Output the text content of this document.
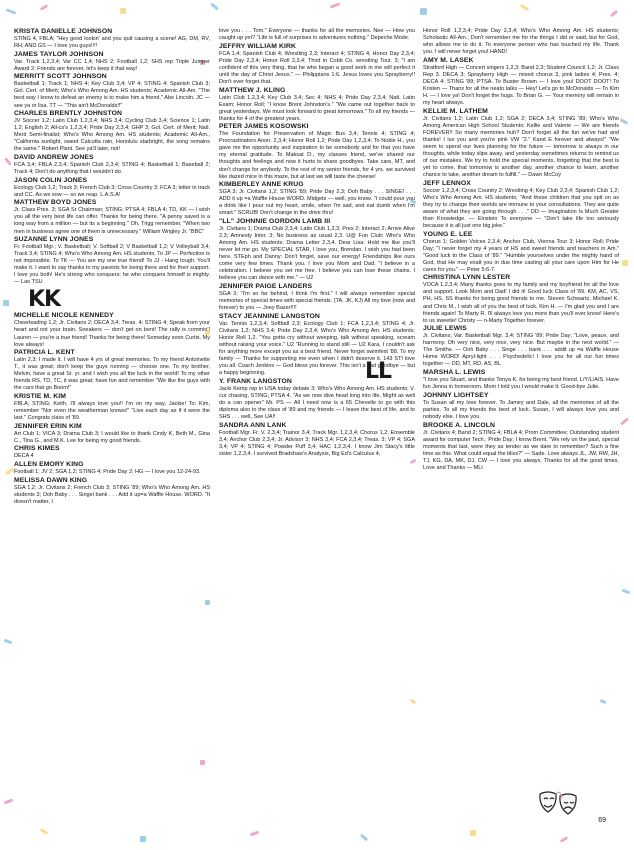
KRISTA DANIELLE JOHNSON
STING 4, FBLA; "Hey good lookin' and you quit causing a scene! AG, DM, RV, RH, AND GS — I love you guys!!!!
JAMES TAYLOR JOHNSON
Var. Track 1,2,3,4; Var CC 1,4; NHS 2; Football 1,2; SHS rep Triple Jumper Award 2; Friends are forever, let's keep it that way!
MERRITT SCOTT JOHNSON
Basketball 1; Track 1; NHS 4; Key Club 3,4; VP 4; STING 4; Spanish Club 3; Gol. Cert. of Merit; Who's Who Among Am. HS students; Academic All-Am. "The best way I know to defeat an enemy is to make him a friend." Abe Lincoln. JC — see ya or lisa. TT — "This ain't McDonalds!!"
CHARLES BRENTLY JOHNSTON
JV Soccer 1,2; Latin Club 1,2,3,4; NHS 3,4; Cycling Club 3,4; Science 1; Latin 1,2; English 2; All-cs's 1,2,3,4; Pride Day 2,3,4; GHP 3; Gol. Cert. of Merit; Natl. Merit Semi-finalist; Who's Who Among Am. HS students; Academic All-Am., "California sunlight, sweet Calcutta rain, Honolulu starbright, the song remains the same." Robert Plant. See ya'll later, not!
DAVID ANDREW JONES
FCA 3,4; FBLA 2,3,4; Spanish Club 2,3,4; STING 4; Basketball 1; Baseball 2; Track 4; Don't do anything that I wouldn't do.
JASON COLIN JONES
Ecology Club 1,2; Track 3; French Club 3; Cross Country 3; FCA 3; letter in track and CC. As we sow — so we reap. L.A.S.A!
MATTHEW BOYD JONES
Jr. Class Pres. 3; SGA Sr Chairman; STING; PTSA 4; FBLA 4; TD, KK — I wish you all the very best life can offer. Thanks for being there. "A penny saved is a long way from a million — but its a beginning." Oh, Trigg remember, "When two men in business agree one of them is unnecessary." William Wrigley Jr. "BBC"
SUZANNE LYNN JONES
Fr. Football Mgr.; V. Basketball; V. Softball 2; V Basketball 1,2; V Volleyball 3,4; Track 3,4; STING 4; Who's Who Among Am. HS students; To JP — Perfection is not impossible. To TK — You are my one true friend! To JJ - Hang tough. You'll make it. I want to say thanks to my parents for being there and for their support. I love you both! He's strong who conquers; he who conquers himself is mighty. — Lao TSU
KK
MICHELLE NICOLE KENNEDY
Cheerleading 1,2; Jr. Civitans 2; DECA 3,4; Treas. 4; STING 4; Speak from your heart and not your brain. Sneakers — don't get on bent! The rally is commin'! Lauren — you're a true friend! Thanks for being there! Someday soon Curtis. My love always!
PATRICIA L. KENT
Latin 2,3; I made it. I will have 4 yrs of great memories. To my friend Antoinette T., it was great; don't keep the guys running — choose one. To my brother, Melvin, have a great Sr. yr. and I wish you all the luck in the world! To my other friends RS, TD, TC, it was great; have fun and remember "We like the guys with the cars that go Boom!"
KRISTIE M. KIM
FBLA; STING; Keith, I'll always love you!! I'm on my way, Jackie! To: Kim, remember "Nor even the weatherman knows!" "Live each day as if it were the last." Congrats class of '89.
JENNIFER ERIN KIM
Art Club 1; VICA 3; Drama Club 3; I would like to thank Cindy K, Beth M., Gina C., Tina G., and M.K. Lee for being my good friends.
CHRIS KIMES
DECA 4
ALLEN EMORY KING
Football 1; JV 2; SGA 1,2; STING 4; Pride Day 2; HG — I love you 12-24-93.
MELISSA DAWN KING
SGA 1,2; Jr. Civitans 2; French Club 3; STING '89; Who's Who Among Am. HS students 3; Ooh Baby . . . Singel bank . . . Add it up=a Waffle House. WORD. "It doesn't matter, I
love you . . . Tom." Everyone — thanks for all the memories. Nee — How you caught up yet? "Life is full of surprises in adventures nothing." Depeche Mode.
JEFFRY WILLIAM KIRK
FCA 1,4; Spanish Club 4; Wrestling 2,3; Interact 4; STING 4; Honor Day 2,3,4; Pride Day 2,3,4; Honor Roll 2,3,4; Third in Cobb Co. wrestling Tour. 3; "I am confident of this very thing, that he who began a good work in me will perfect it until the day of Christ Jesus." — Philippians 1:6. Jesus loves you Sprayberry!! Don't ever forget that.
MATTHEW J. KLING
Latin Club 1,2,3,4; Key Club 3,4; Sec 4; NHS 4; Pride Day 2,3,4; Natl. Latin Exam; Honor Roll; "I know Brent Johnston's." "We came out together back to great yesterdays. We must look forward to great tomorrows." To all my friends — thanks for 4 of the greatest years.
PETER JAMES KOSOWSKI
The Foundation for Preservation of Magic Bus 3,4; Tennis 4; STING 4; Procrastinators Anon. 2,3,4; Honor Roll 1,2; Pride Day 1,2,3,4; To Noble H., you gave me the opportunity and inspiration to be somebody and for that you have my eternal gratitude. To Maksat D., my classes friend, we've shared our thoughts and feelings and now it hurts to share goodbyes. Take care, MT, and don't change for anybody. To the rest of my senior friends, for 4 yrs. we survived like dazed mice in this maze, but at last we will taste the cheese!
KIMBERLEY ANNE KRUG
SGA 3; Jr. Civitans 1,2; STING '89; Pride Day 2,3; Ooh Baby . . . SINGE! . . . ADD it up =a Waffle House WORD. Midgets — well, you know. "I could pour you a drink like I pour out my heart, smile, when I'm sad, and eat dumb when I'm smart." SCRUB! Don't change in the drive thru!
"LL" JOHNNIE GORDON LAMB III
Jr. Civitans 1; Drama Club 2,3,4; Latin Club 1,2,3; Pres 2; Interact 2; Arrive Alive 2,3; Amnesty Inter. 3; No business as usual 2,3. U@ Fun Club; Who's Who Among Am. HS students; Drama Letter 2,3,4. Dear Lisa: Hold me like you'll never let me go. My SPECIAL STAR, I love you, Brendan. I wish you had been here. STEph and Danny: Don't forget, save our energy! Friendships like ours come very few times. Thank you. I love you Mom and Dad. "I believe in a celebration. I believe you set me free. I believe you can lose these chains. I believe you can dance with me." — U2
JENNIFER PAIGE LANDERS
SGA 3; "I'm so far behind, I think I'm first." I will always remember special memories of special times with special friends. (TA, JK, KJ) All my love (now and forever) to you — Joey Bazer!!!!
STACY JEANNINE LANGSTON
Var. Tennis 1,2,3,4; Softball 2,3; Ecology Club 1; FCA 1,2,3,4; STING 4; Jr. Civitans 1,2; NHS 3,4; Pride Day 2,3,4; Who's Who Among Am. HS students; Honor Roll 1,2. "You gotta cry without weeping, talk without speaking, scream without raising your voice." U2 "Running to stand still — U2 Kara, I couldn't ask for anything more except you as a best friend. Never forget swimfest '88. To my family — Thanks for supporting me even when I didn't deserve it. 143 STI love you all. Coach Jenkins — God bless you forever. This isn't a sad goodbye — but a happy beginning.
Y. FRANK LANGSTON
Jacki Kemp rep in USA today debate 3; Who's Who Among Am. HS students; V. cur chasing, STING; PTSA 4. "As we now dive head long into life, Might as well do a can opener" Mr. PS — All I need now is a 65 Chevelle to go with this diploma also to the class of '89 and my friends — I leave the best of life, and to SHS . . . well, See UA!!
SANDRA ANN LANK
Football Mgr. Fr. V. 2,3,4; Trainor 3,4; Track Mgr. 1,2,3,4; Chorus 1,2; Ensemble 3,4; Anchor Club 2,3,4; Jr. Advisor 3; NHS 3,4; FCA 2,3,4; Treas. 3; VP 4; SGA 3,4; VP 4; STING 4; Powder Puff 3,4; HAC 1,2,3,4. I know Jim Stacy's little sister 1,2,3,4. I survived Bradshaw's Analysis, Big Ed's Calculus 4,
Honor Roll 1,2,3,4; Pride Day 2,3,4; Who's Who Among Am. HS students; Scholastic All-Am.; Don't remember me for the things I did or said, but for God, who allows me to do it. To everyone person who has touched my life. Thank you. I will never forget you! HAND!
AMY M. LASEK
Stratford High — Concert singers 1,2,3; Band 2,3; Student Council 1,2; Jr. Class Rep 3. DECA 3; Sprayberry High — mixed chorus 3, pink ladies 4; Pres. 4; DECA 4; STING '89; PTSA. To Buster Brown — I love you! DOOT DOOT! To Kristen — Thanx for all the neato talks — Hey! Let's go to McDonalds — To Kim H. — I love ya! Don't forget the hugs. To Brian G. — Your memory will remain in my heart always.
KELLIE M. LATHEM
Jr. Civitans 1,2; Latin Club 1,2; SGA 2; DECA 3,4; STING '89; Who's Who Among American High School Students; Kellie and Valerie — We are friends FOREVER!! So many memories huh? Don't forget all the fun we've had and thanks! I luv you and you're pink VW "2." Kand E forever and always!" "We seem to spend our lives planning for the future — tomorrow is always in our thoughts, while today slips away, and yesterday sometimes returns to remind us of our mistakes. We try to hold the special moments, forgetting that the best is yet to come, that tomorrow is another day, another chance to learn, another chance to take, another dream to fulfill." — Dawn McCoy
JEFF LENNOX
Soccer 1,2,3,4; Cross Country 2; Wrestling 4; Key Club 2,3,4; Spanish Club 1,2; Who's Who Among Am. HS students; "And these children that you spit on as they try to change their worlds are immune to your consultations. They are quite aware of what they are going through . . ." DD — Imagination Is Much Greater than Knowledge. — Einstein To everyone — "Don't take life too seriously because it is all just one big joke."
YOUNG E. LEE
Chorus 1; Golden Voices 2,3,4; Anchor Club, Vienna Tour 3; Honor Roll; Pride Day; "I never forget my 4 years of HS and sweet friends and teachers in Am." "Good luck to the Class of '89." "Humble yourselves under the mighty hand of God, that He may exalt you in due time casting all your care upon Him for He cares for you." — Peter 5:6-7.
CHRISTINA LYNN LESTER
VOCA 1,2,3,4; Many thanks goes to my family and my boyfriend for all the love and support. Look Mom and Dad! I did it! Good luck Class of '89. KM, AC, VS, PH, HS, SS thanks for being good friends to me. Steven Schwartz, Michael K. and Chris M., I wish all of you the best of luck. Kim H. — I'm glad you and I are friends again! To Marty R. I'll always love you more than you'll ever know! Here's to us sweetie! Christy — n-Marty Together forever.
JULIE LEWIS
Jr. Civitans; Var. Basketball Mgr. 3,4; STING '89; Pride Day; "Love, peace, and harmony. Oh very nice, very nice, very nice. But maybe in the next world." — The Smiths. — Ooh Baby . . . Singe . . . bank . . . addit up =a Waffle House Home WORD! Apryl-light . . . Psychedelic! I love you for all our fun times together — DD, MT, RD, AS, BL
MARSHA L. LEWIS
"I love you Stuart, and thanks Tonya K. for being my best friend. L/Y/L/A/S. Have fun Jenna in homeroom. Mom I told you I would make it. Good-bye Julie.
JOHNNY LIGHTSEY
To Susan all my love forever. To Jamey and Dale, all the memories of all the parties. To all my friends the best of luck. Susan, I will always love you and nobody else. I love you.
BROOKE A. LINCOLN
Jr. Civitans 4; Band 2; STING 4; FBLA 4; Prom Committee; Outstanding student award for computer Tech.; Pride Day; I know Brent. "We rely on the past, special moments that last, were they as tender as we dare to remember? Such a fine time as this. What could equal the bliss?" — Sade. Love always JL, JW, RW, JH, TJ, KG, DA, MK, DJ, CW — I love you always. Thanks for all the good times. Love and Thanks — MLI
LL
69
